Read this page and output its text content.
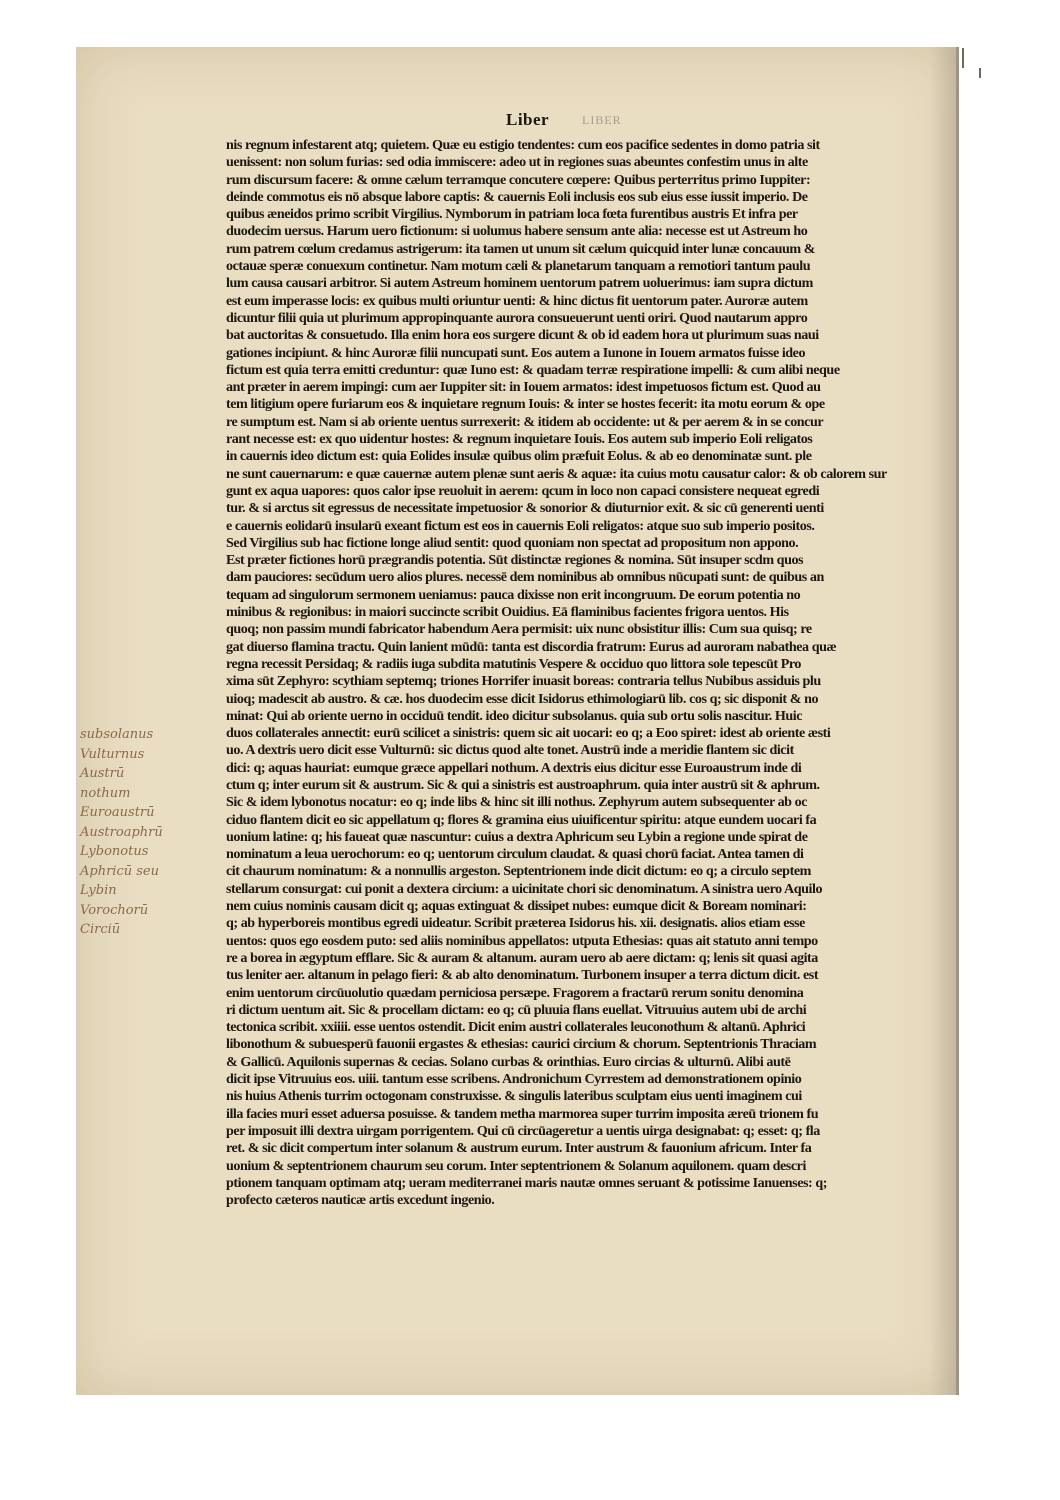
Liber	LIBER
nis regnum infestarent atq; quietem. Quæ eu estigio tendentes: cum eos pacifice sedentes in domo patria sit
uenissent: non solum furias: sed odia immiscere: adeo ut in regiones suas abeuntes confestim unus in alte
rum discursum facere: & omne cælum terramque concutere cœpere: Quibus perterritus primo Iuppiter:
deinde commotus eis nō absque labore captis: & cauernis Eoli inclusis eos sub eius esse iussit imperio. De
quibus æneidos primo scribit Virgilius. Nymborum in patriam loca fœta furentibus austris Et infra per
duodecim uersus. Harum uero fictionum: si uolumus habere sensum ante alia: necesse est ut Astreum ho
rum patrem cœlum credamus astrigerum: ita tamen ut unum sit cælum quicquid inter lunæ concauum &
octauæ speræ conuexum continetur. Nam motum cæli & planetarum tanquam a remotiori tantum paulu
lum causa causari arbitror. Si autem Astreum hominem uentorum patrem uoluerimus: iam supra dictum
est eum imperasse locis: ex quibus multi oriuntur uenti: & hinc dictus fit uentorum pater. Auroræ autem
dicuntur filii quia ut plurimum appropinquante aurora consueuerunt uenti oriri. Quod nautarum appro
bat auctoritas & consuetudo. Illa enim hora eos surgere dicunt & ob id eadem hora ut plurimum suas naui
gationes incipiunt. & hinc Auroræ filii nuncupati sunt. Eos autem a Iunone in Iouem armatos fuisse ideo
fictum est quia terra emitti creduntur: quæ Iuno est: & quadam terræ respiratione impelli: & cum alibi neque
ant præter in aerem impingi: cum aer Iuppiter sit: in Iouem armatos: idest impetuosos fictum est. Quod au
tem litigium opere furiarum eos & inquietare regnum Iouis: & inter se hostes fecerit: ita motu eorum & ope
re sumptum est. Nam si ab oriente uentus surrexerit: & itidem ab occidente: ut & per aerem & in se concur
rant necesse est: ex quo uidentur hostes: & regnum inquietare Iouis. Eos autem sub imperio Eoli religatos
in cauernis ideo dictum est: quia Eolides insulæ quibus olim præfuit Eolus. & ab eo denominatæ sunt. ple
ne sunt cauernarum: e quæ cauernæ autem plenæ sunt aeris & aquæ: ita cuius motu causatur calor: & ob calorem sur
gunt ex aqua uapores: quos calor ipse reuoluit in aerem: qcum in loco non capaci consistere nequeat egredi
tur. & si arctus sit egressus de necessitate impetuosior & sonorior & diuturnior exit. & sic cū generenti uenti
e cauernis eolidarū insularū exeant fictum est eos in cauernis Eoli religatos: atque suo sub imperio positos.
Sed Virgilius sub hac fictione longe aliud sentit: quod quoniam non spectat ad propositum non appono.
Est præter fictiones horū prægrandis potentia. Sūt distinctæ regiones & nomina. Sūt insuper scdm quos
dam pauciores: secūdum uero alios plures. necessē dem nominibus ab omnibus nūcupati sunt: de quibus an
tequam ad singulorum sermonem ueniamus: pauca dixisse non erit incongruum. De eorum potentia no
minibus & regionibus: in maiori succincte scribit Ouidius. Eā flaminibus facientes frigora uentos. His
quoq; non passim mundi fabricator habendum Aera permisit: uix nunc obsistitur illis: Cum sua quisq; re
gat diuerso flamina tractu. Quin lanient mūdū: tanta est discordia fratrum: Eurus ad auroram nabathea quæ
regna recessit Persidaq; & radiis iuga subdita matutinis Vespere & occiduo quo littora sole tepescūt Pro
xima sūt Zephyro: scythiam septemq; triones Horrifer inuasit boreas: contraria tellus Nubibus assiduis plu
uioq; madescit ab austro. & cæ. hos duodecim esse dicit Isidorus ethimologiarū lib. cos q; sic disponit & no
minat: Qui ab oriente uerno in occiduū tendit. ideo dicitur subsolanus. quia sub ortu solis nascitur. Huic
duos collaterales annectit: eurū scilicet a sinistris: quem sic ait uocari: eo q; a Eoo spiret: idest ab oriente æsti
uo. A dextris uero dicit esse Vulturnū: sic dictus quod alte tonet. Austrū inde a meridie flantem sic dicit
dici: q; aquas hauriat: eumque græce appellari nothum. A dextris eius dicitur esse Euroaustrum inde di
ctum q; inter eurum sit & austrum. Sic & qui a sinistris est austroaphrum. quia inter austrū sit & aphrum.
Sic & idem lybonotus nocatur: eo q; inde libs & hinc sit illi nothus. Zephyrum autem subsequenter ab oc
ciduo flantem dicit eo sic appellatum q; flores & gramina eius uiuificentur spiritu: atque eundem uocari fa
uonium latine: q; his faueat quæ nascuntur: cuius a dextra Aphricum seu Lybin a regione unde spirat de
nominatum a leua uerochorum: eo q; uentorum circulum claudat. & quasi chorū faciat. Antea tamen di
cit chaurum nominatum: & a nonnullis argeston. Septentrionem inde dicit dictum: eo q; a circulo septem
stellarum consurgat: cui ponit a dextera circium: a uicinitate chori sic denominatum. A sinistra uero Aquilo
nem cuius nominis causam dicit q; aquas extinguat & dissipet nubes: eumque dicit & Boream nominari:
q; ab hyperboreis montibus egredi uideatur. Scribit præterea Isidorus his. xii. designatis. alios etiam esse
uentos: quos ego eosdem puto: sed aliis nominibus appellatos: utputa Ethesias: quas ait statuto anni tempo
re a borea in ægyptum efflare. Sic & auram & altanum. auram uero ab aere dictam: q; lenis sit quasi agita
tus leniter aer. altanum in pelago fieri: & ab alto denominatum. Turbonem insuper a terra dictum dicit. est
enim uentorum circūuolutio quædam perniciosa persæpe. Fragorem a fractarū rerum sonitu denomina
ri dictum uentum ait. Sic & procellam dictam: eo q; cū pluuia flans euellat. Vitruuius autem ubi de archi
tectonica scribit. xxiiii. esse uentos ostendit. Dicit enim austri collaterales leuconothum & altanū. Aphrici
libonothum & subuesperū fauonii ergastes & ethesias: caurici circium & chorum. Septentrionis Thraciam
& Gallicū. Aquilonis supernas & cecias. Solano curbas & orinthias. Euro circias & ulturnū. Alibi autē
dicit ipse Vitruuius eos. uiii. tantum esse scribens. Andronichum Cyrrestem ad demonstrationem opinio
nis huius Athenis turrim octogonam construxisse. & singulis lateribus sculptam eius uenti imaginem cui
illa facies muri esset aduersa posuisse. & tandem metha marmorea super turrim imposita æreū trionem fu
per imposuit illi dextra uirgam porrigentem. Qui cū circūageretur a uentis uirga designabat: q; esset: q; fla
ret. & sic dicit compertum inter solanum & austrum eurum. Inter austrum & fauonium africum. Inter fa
uonium & septentrionem chaurum seu corum. Inter septentrionem & Solanum aquilonem. quam descri
ptionem tanquam optimam atq; ueram mediterranei maris nautæ omnes seruant & potissime Ianuenses: q;
profecto cæteros nauticæ artis excedunt ingenio.
subsolanus
Vulturnus
Austrū
nothum
Euroaustrū
Austroaphrū
Lybonotus
Aphricū seu
Lybin
Vorochorū
Circiū
